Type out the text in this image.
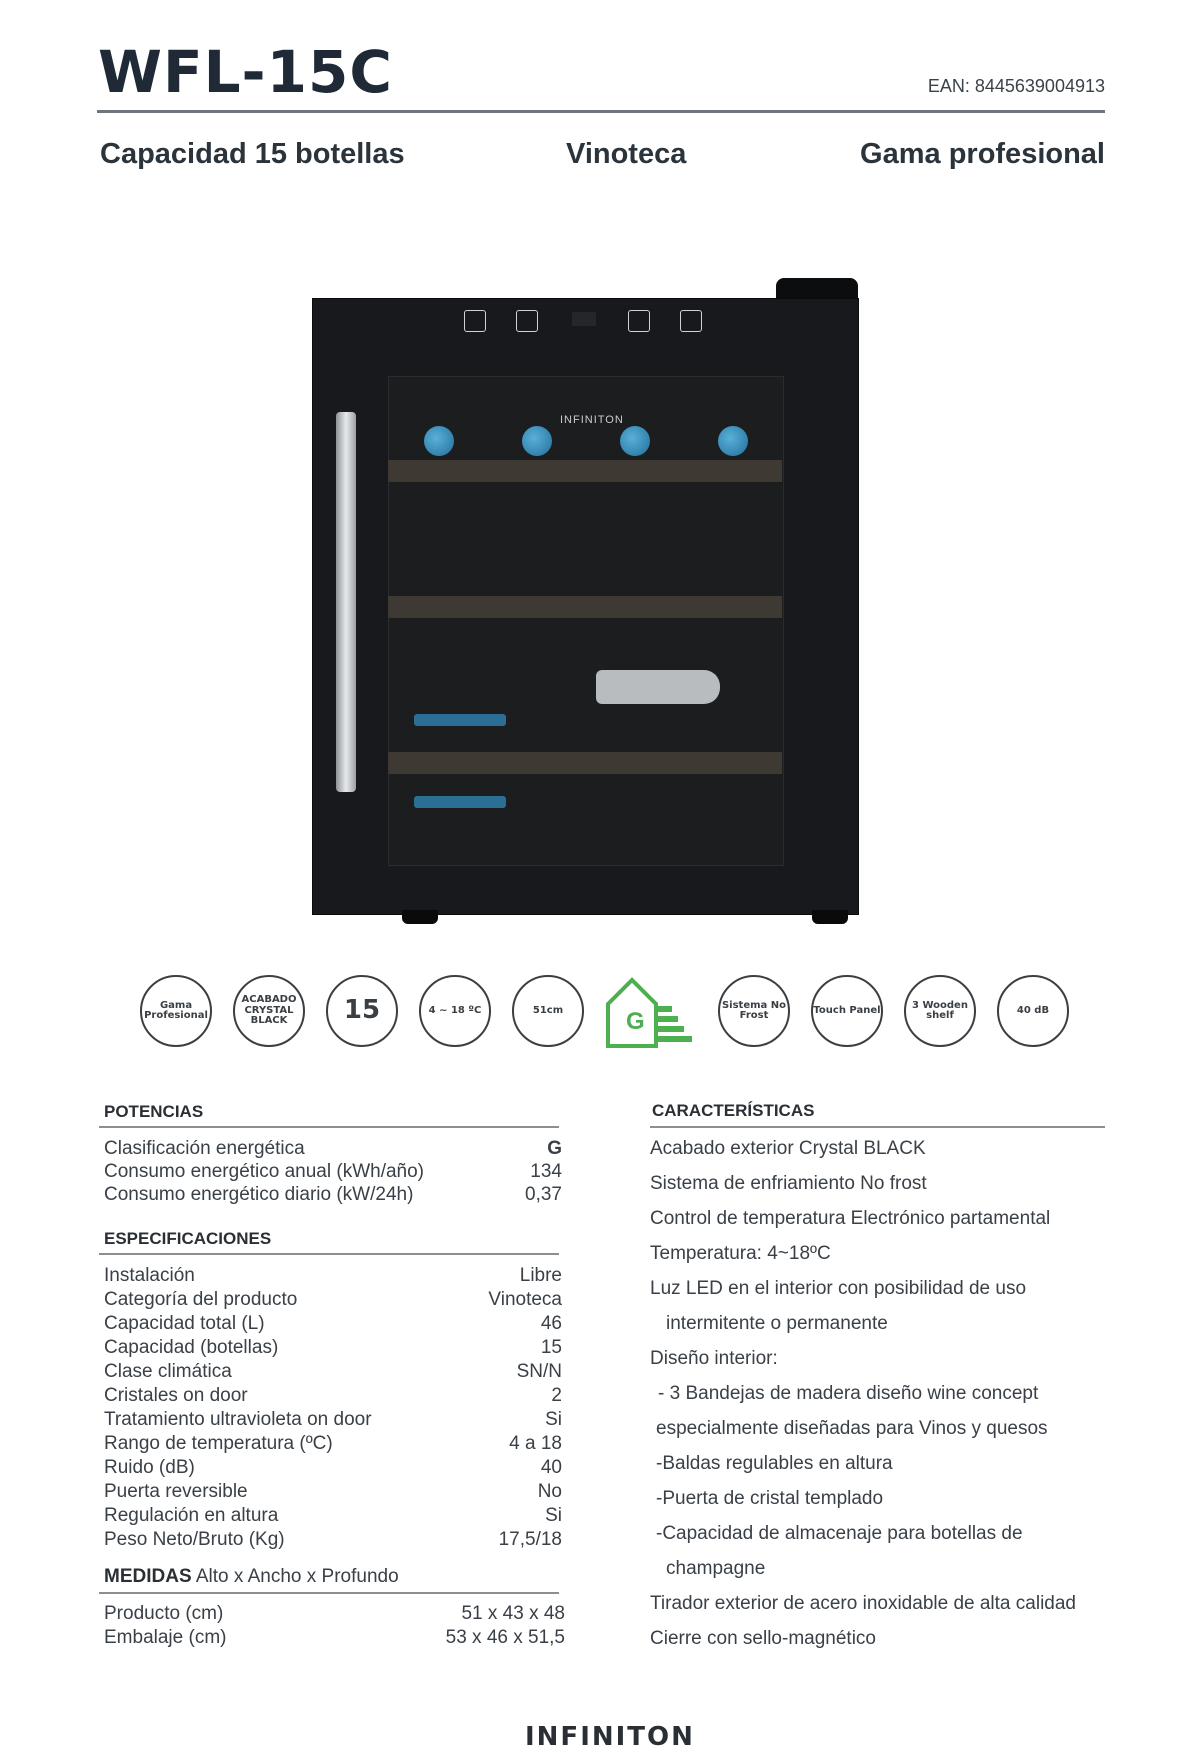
WFL-15C	EAN: 8445639004913
Capacidad 15 botellas	Vinoteca	Gama profesional
INFINITON
Gama Profesional
ACABADO CRYSTAL BLACK	15	4 ~ 18 ºC	51cm	G
Sistema No Frost	Touch Panel	3 Wooden shelf	40 dB
POTENCIAS
Clasificación energética	G
Consumo energético anual (kWh/año)	134
Consumo energético diario (kW/24h)	0,37
ESPECIFICACIONES
Instalación	Libre
Categoría del producto	Vinoteca
Capacidad total (L)	46
Capacidad (botellas)	15
Clase climática	SN/N
Cristales on door	2
Tratamiento ultravioleta on door	Si
Rango de temperatura (ºC)	4 a 18
Ruido (dB)	40
Puerta reversible	No
Regulación en altura	Si
Peso Neto/Bruto (Kg)	17,5/18
MEDIDAS Alto x Ancho x Profundo
Producto (cm)	51 x 43 x 48
Embalaje (cm)	53 x 46 x 51,5
CARACTERÍSTICAS
Acabado exterior Crystal BLACK
Sistema de enfriamiento No frost
Control de temperatura Electrónico partamental
Temperatura: 4~18ºC
Luz LED en el interior con posibilidad de uso
intermitente o permanente
Diseño interior:
- 3 Bandejas de madera diseño wine concept
especialmente diseñadas para Vinos y quesos
-Baldas regulables en altura
-Puerta de cristal templado
-Capacidad de almacenaje para botellas de
champagne
Tirador exterior de acero inoxidable de alta calidad
Cierre con sello-magnético
INFINITON
